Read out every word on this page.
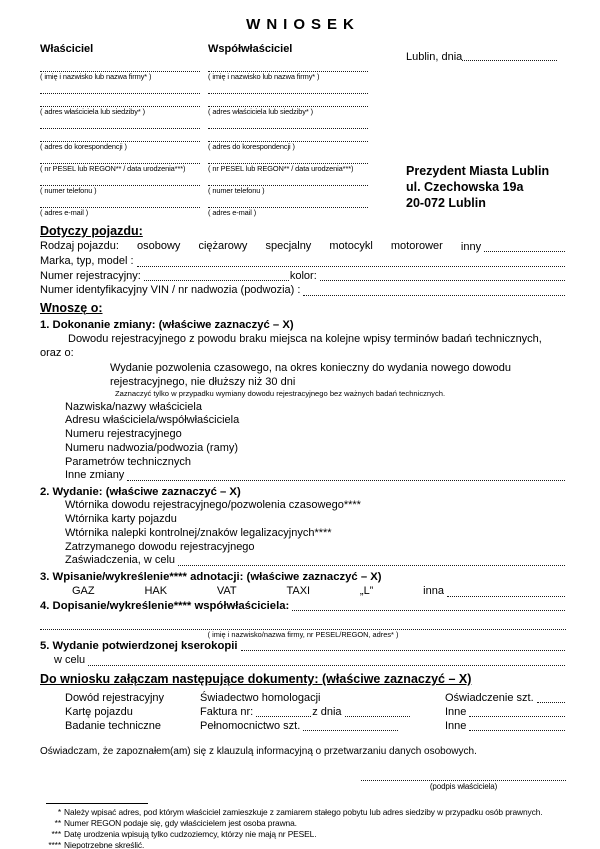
WNIOSEK
Właściciel
( imię i nazwisko lub nazwa firmy* )
( adres właściciela lub siedziby* )
( adres do korespondencji )
( nr PESEL lub REGON** / data urodzenia***)
( numer telefonu )
( adres e-mail )
Współwłaściciel
( imię i nazwisko lub nazwa firmy* )
( adres właściciela lub siedziby* )
( adres do korespondencji )
( nr PESEL lub REGON** / data urodzenia***)
( numer telefonu )
( adres e-mail )
Lublin, dnia
Prezydent Miasta Lublin
ul. Czechowska 19a
20-072 Lublin
Dotyczy pojazdu:
Rodzaj pojazdu: osobowy ciężarowy specjalny motocykl motorower inny
Marka, typ, model :
Numer rejestracyjny:	kolor:
Numer identyfikacyjny VIN / nr nadwozia (podwozia) :
Wnoszę o:
1. Dokonanie zmiany: (właściwe zaznaczyć – X)
Dowodu rejestracyjnego z powodu braku miejsca na kolejne wpisy terminów badań technicznych,
oraz o:
Wydanie pozwolenia czasowego, na okres konieczny do wydania nowego dowodu rejestracyjnego, nie dłuższy niż 30 dni
Zaznaczyć tylko w przypadku wymiany dowodu rejestracyjnego bez ważnych badań technicznych.
Nazwiska/nazwy właściciela
Adresu właściciela/współwłaściciela
Numeru rejestracyjnego
Numeru nadwozia/podwozia (ramy)
Parametrów technicznych
Inne zmiany
2. Wydanie: (właściwe zaznaczyć – X)
Wtórnika dowodu rejestracyjnego/pozwolenia czasowego****
Wtórnika karty pojazdu
Wtórnika nalepki kontrolnej/znaków legalizacyjnych****
Zatrzymanego dowodu rejestracyjnego
Zaświadczenia, w celu
3. Wpisanie/wykreślenie**** adnotacji: (właściwe zaznaczyć – X)
GAZ	HAK	VAT	TAXI	„L”	inna
4. Dopisanie/wykreślenie**** współwłaściciela:
( imię i nazwisko/nazwa firmy, nr PESEL/REGON, adres* )
5. Wydanie potwierdzonej kserokopii
w celu
Do wniosku załączam następujące dokumenty: (właściwe zaznaczyć – X)
Dowód rejestracyjny	Świadectwo homologacji	Oświadczenie szt.
Kartę pojazdu	Faktura nr:	z dnia	Inne
Badanie techniczne	Pełnomocnictwo szt.	Inne
Oświadczam, że zapoznałem(am) się z klauzulą informacyjną o przetwarzaniu danych osobowych.
(podpis właściciela)
* Należy wpisać adres, pod którym właściciel zamieszkuje z zamiarem stałego pobytu lub adres siedziby w przypadku osób prawnych.
** Numer REGON podaje się, gdy właścicielem jest osoba prawna.
*** Datę urodzenia wpisują tylko cudzoziemcy, którzy nie mają nr PESEL.
**** Niepotrzebne skreślić.
